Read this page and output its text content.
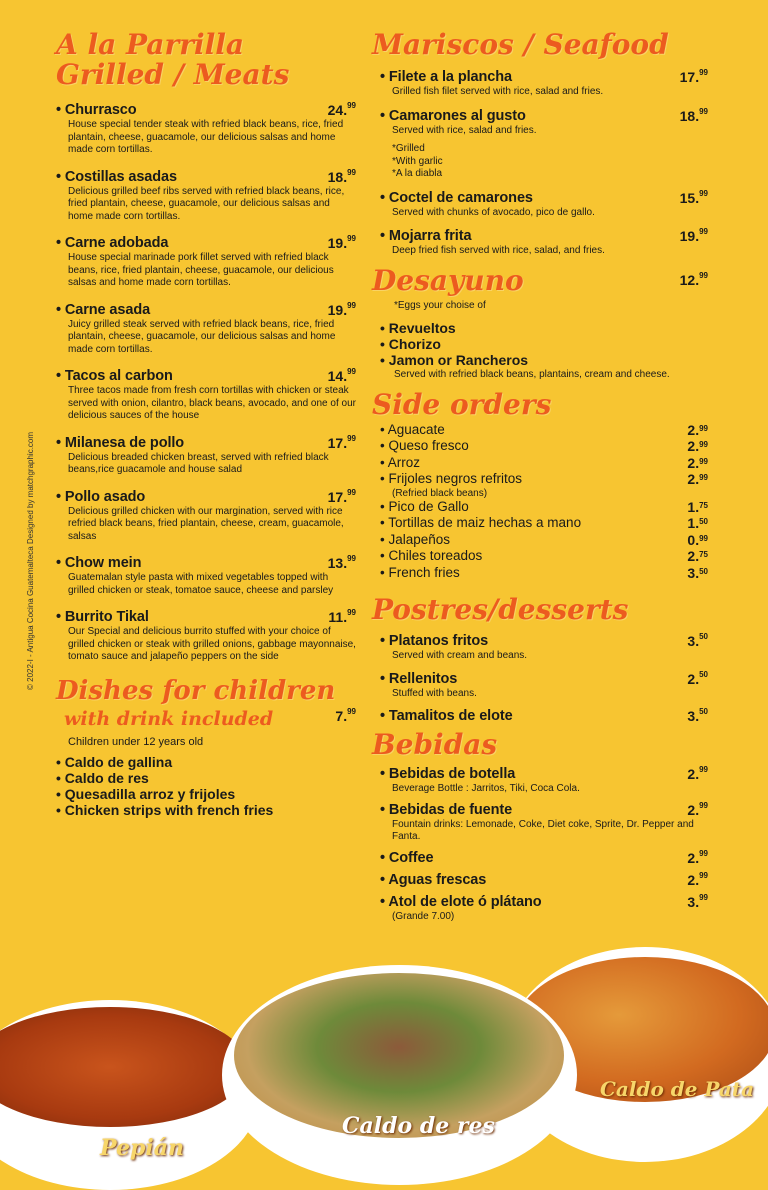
© 2022-I - Antigua Cocina Guatemalteca Designed by matchgraphic.com
A la Parrilla
Grilled / Meats
• Churrasco	24.99
House special tender steak with refried black beans, rice, fried plantain, cheese, guacamole, our delicious salsas and home made corn tortillas.
• Costillas asadas	18.99
Delicious grilled beef ribs served with refried black beans, rice, fried plantain, cheese, guacamole, our delicious salsas and home made corn tortillas.
• Carne adobada	19.99
House special marinade pork fillet served with refried black beans, rice, fried plantain, cheese, guacamole, our delicious salsas and home made corn tortillas.
• Carne asada	19.99
Juicy grilled steak served with refried black beans, rice, fried plantain, cheese, guacamole, our delicious salsas and home made corn tortillas.
• Tacos al carbon	14.99
Three tacos made from fresh corn tortillas with chicken or steak served with onion, cilantro, black beans, avocado, and one of our delicious sauces of the house
• Milanesa de pollo	17.99
Delicious breaded chicken breast, served with refried black beans,rice guacamole and house salad
• Pollo asado	17.99
Delicious grilled chicken with our margination, served with rice refried black beans, fried plantain, cheese, cream, guacamole, salsas
• Chow mein	13.99
Guatemalan style pasta with mixed vegetables topped with grilled chicken or steak, tomatoe sauce, cheese and parsley
• Burrito Tikal	11.99
Our Special and delicious burrito stuffed with your choice of grilled chicken or steak with grilled onions, gabbage mayonnaise, tomato sauce and jalapeño peppers on the side
Dishes for children
with drink included	7.99
Children under 12 years old
• Caldo de gallina
• Caldo de res
• Quesadilla arroz y frijoles
• Chicken strips with french fries
Mariscos / Seafood
• Filete a la plancha	17.99
Grilled fish filet served with rice, salad and fries.
• Camarones al gusto	18.99
Served with rice, salad and fries.
*Grilled
*With garlic
*A la diabla
• Coctel de camarones	15.99
Served with chunks of avocado, pico de gallo.
• Mojarra frita	19.99
Deep fried fish served with rice, salad, and fries.
Desayuno	12.99
*Eggs your choise of
• Revueltos
• Chorizo
• Jamon or Rancheros
Served with refried black beans, plantains, cream and cheese.
Side orders
• Aguacate	2.99
• Queso fresco	2.99
• Arroz	2.99
• Frijoles negros refritos	2.99
(Refried black beans)
• Pico de Gallo	1.75
• Tortillas de maiz hechas a mano	1.50
• Jalapeños	0.99
• Chiles toreados	2.75
• French fries	3.50
Postres/desserts
• Platanos fritos	3.50
Served with cream and beans.
• Rellenitos	2.50
Stuffed with beans.
• Tamalitos de elote	3.50
Bebidas
• Bebidas de botella	2.99
Beverage Bottle : Jarritos, Tiki, Coca Cola.
• Bebidas de fuente	2.99
Fountain drinks: Lemonade, Coke, Diet coke, Sprite, Dr. Pepper and Fanta.
• Coffee	2.99
• Aguas frescas	2.99
• Atol de elote ó plátano	3.99
(Grande 7.00)
Pepián
Caldo de Pata
Caldo de res
